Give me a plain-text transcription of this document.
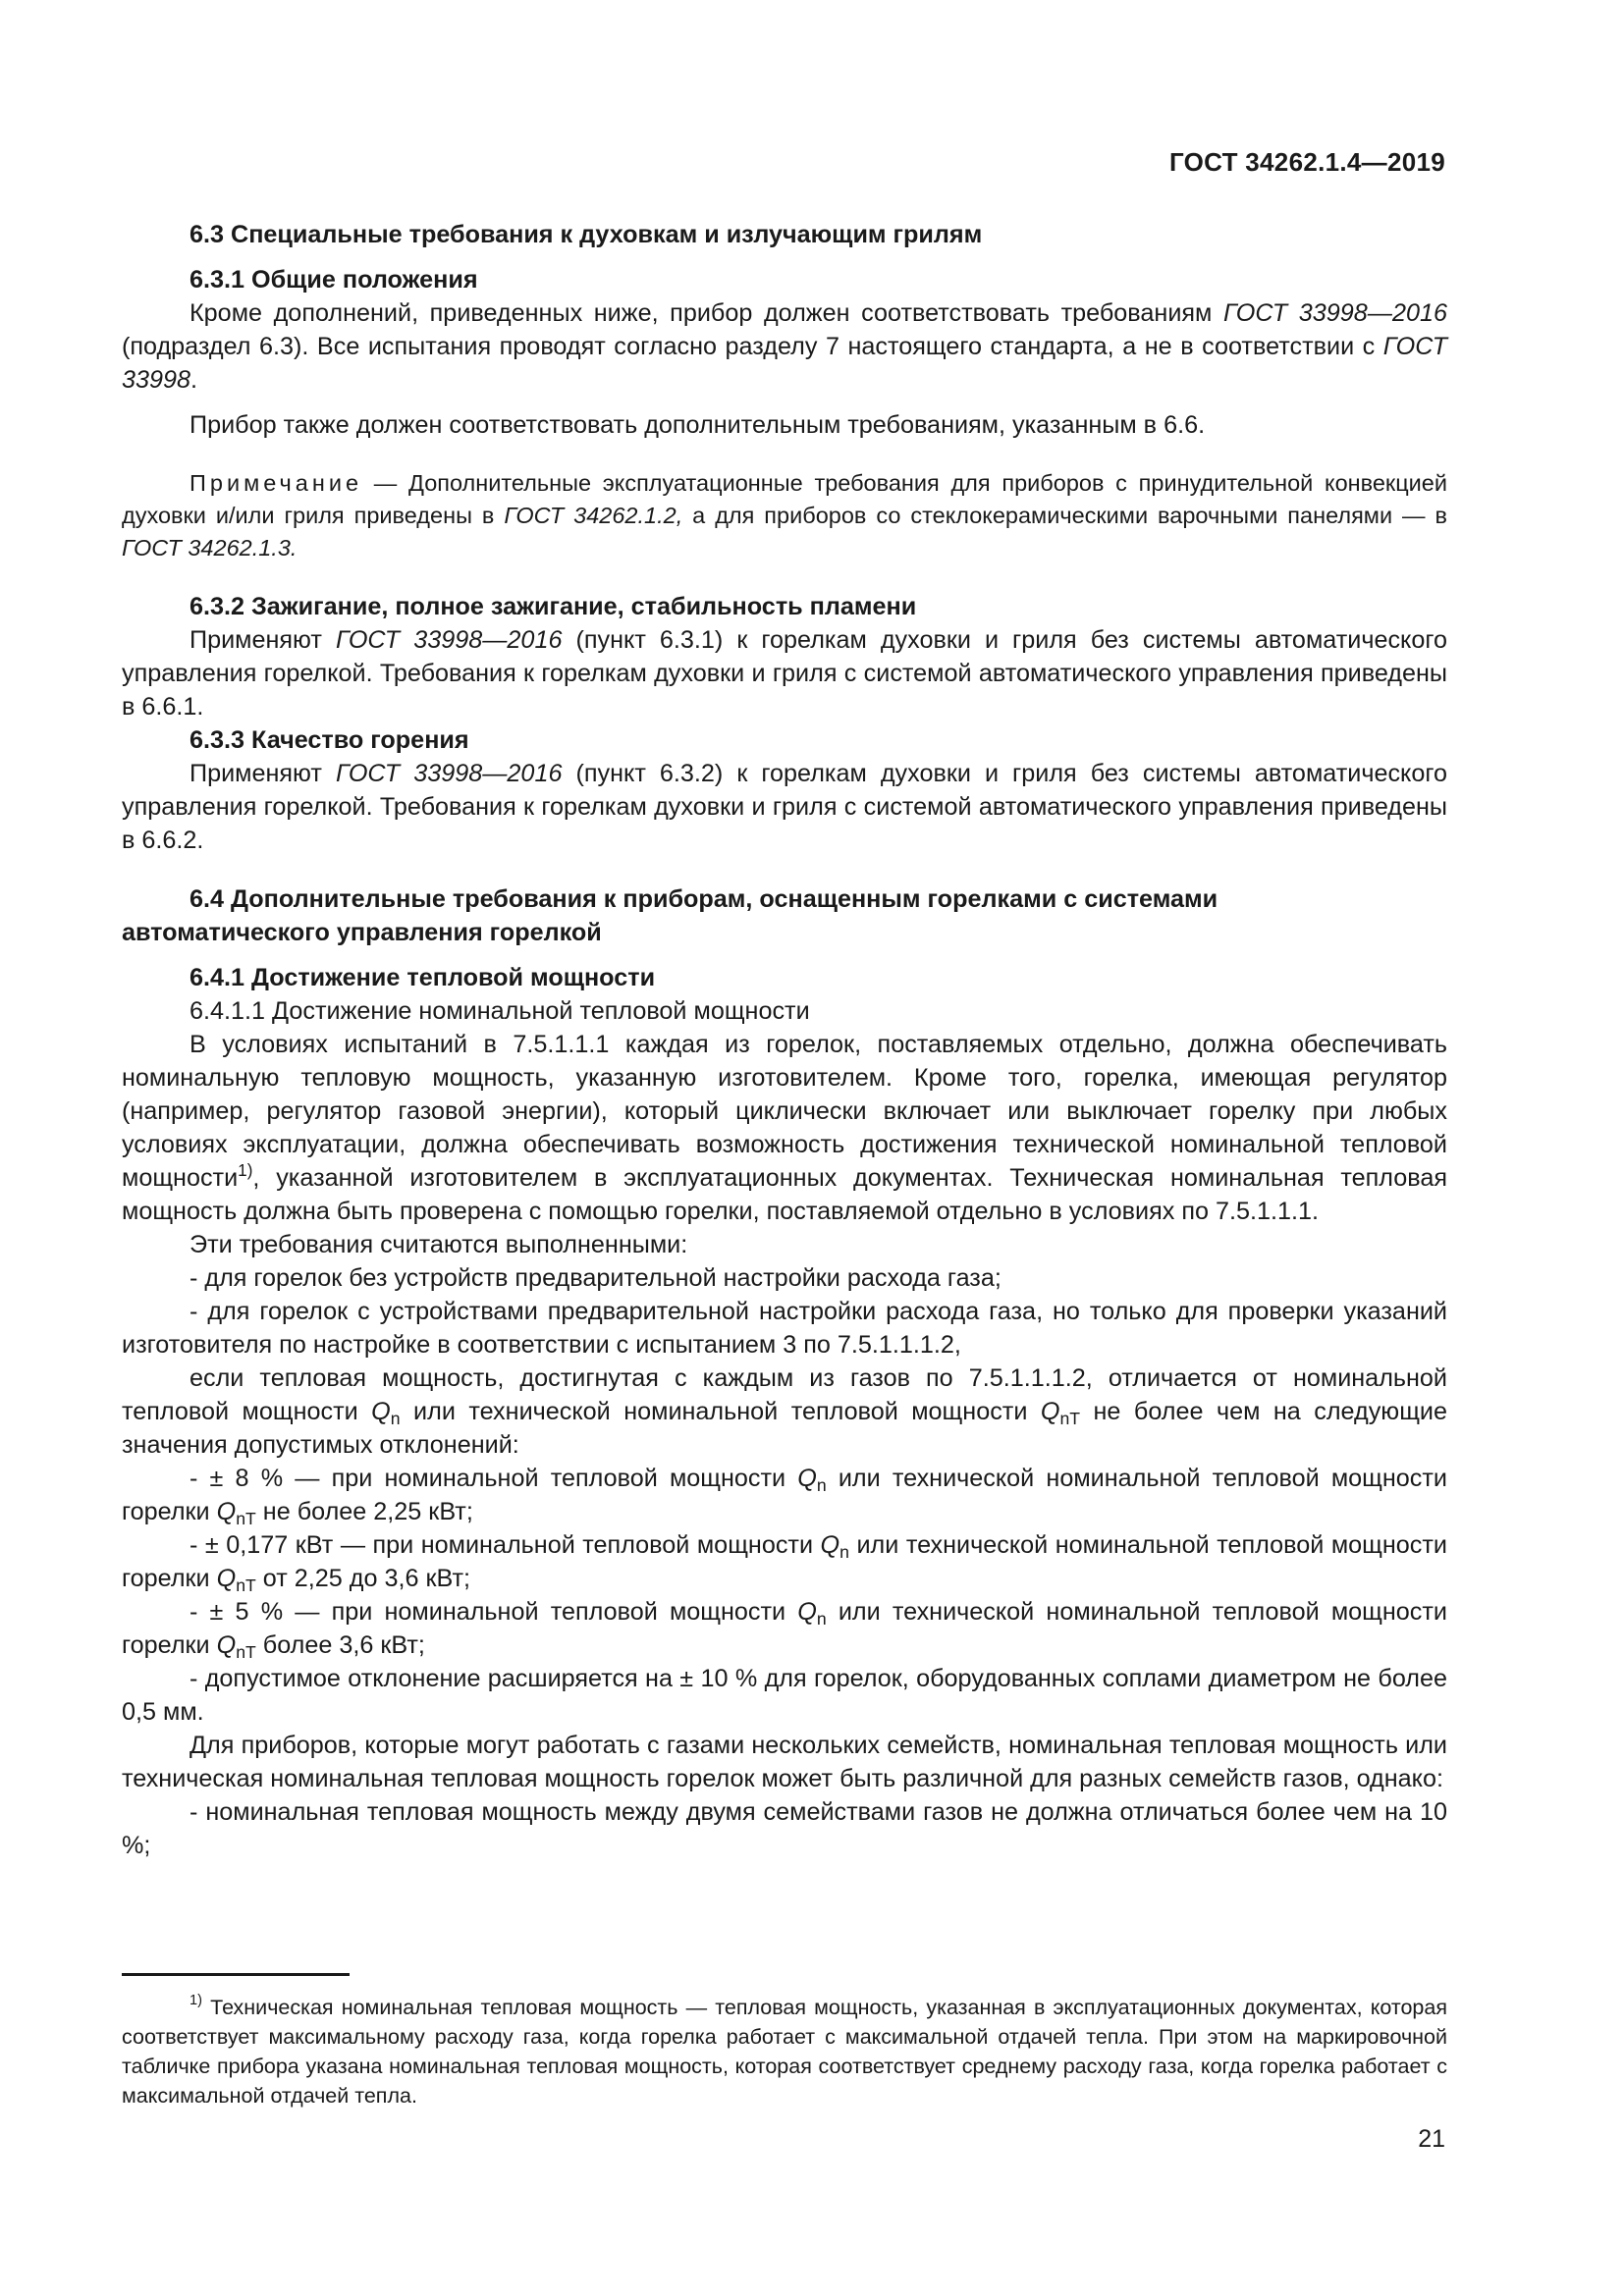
ГОСТ 34262.1.4—2019

6.3 Специальные требования к духовкам и излучающим грилям

6.3.1 Общие положения

Кроме дополнений, приведенных ниже, прибор должен соответствовать требованиям ГОСТ 33998—2016 (подраздел 6.3). Все испытания проводят согласно разделу 7 настоящего стандарта, а не в соответствии с ГОСТ 33998.

Прибор также должен соответствовать дополнительным требованиям, указанным в 6.6.

Примечание — Дополнительные эксплуатационные требования для приборов с принудительной конвекцией духовки и/или гриля приведены в ГОСТ 34262.1.2, а для приборов со стеклокерамическими варочными панелями — в ГОСТ 34262.1.3.

6.3.2 Зажигание, полное зажигание, стабильность пламени

Применяют ГОСТ 33998—2016 (пункт 6.3.1) к горелкам духовки и гриля без системы автоматического управления горелкой. Требования к горелкам духовки и гриля с системой автоматического управления приведены в 6.6.1.

6.3.3 Качество горения

Применяют ГОСТ 33998—2016 (пункт 6.3.2) к горелкам духовки и гриля без системы автоматического управления горелкой. Требования к горелкам духовки и гриля с системой автоматического управления приведены в 6.6.2.

6.4 Дополнительные требования к приборам, оснащенным горелками с системами
автоматического управления горелкой

6.4.1 Достижение тепловой мощности

6.4.1.1 Достижение номинальной тепловой мощности

В условиях испытаний в 7.5.1.1.1 каждая из горелок, поставляемых отдельно, должна обеспечивать номинальную тепловую мощность, указанную изготовителем. Кроме того, горелка, имеющая регулятор (например, регулятор газовой энергии), который циклически включает или выключает горелку при любых условиях эксплуатации, должна обеспечивать возможность достижения технической номинальной тепловой мощности$^{1)}$, указанной изготовителем в эксплуатационных документах. Техническая номинальная тепловая мощность должна быть проверена с помощью горелки, поставляемой отдельно в условиях по 7.5.1.1.1.

Эти требования считаются выполненными:

- для горелок без устройств предварительной настройки расхода газа;

- для горелок с устройствами предварительной настройки расхода газа, но только для проверки указаний изготовителя по настройке в соответствии с испытанием 3 по 7.5.1.1.1.2,

если тепловая мощность, достигнутая с каждым из газов по 7.5.1.1.1.2, отличается от номинальной тепловой мощности $Q_n$ или технической номинальной тепловой мощности $Q_{nT}$ не более чем на следующие значения допустимых отклонений:

- ± 8 % — при номинальной тепловой мощности $Q_n$ или технической номинальной тепловой мощности горелки $Q_{nT}$ не более 2,25 кВт;

- ± 0,177 кВт — при номинальной тепловой мощности $Q_n$ или технической номинальной тепловой мощности горелки $Q_{nT}$ от 2,25 до 3,6 кВт;

- ± 5 % — при номинальной тепловой мощности $Q_n$ или технической номинальной тепловой мощности горелки $Q_{nT}$ более 3,6 кВт;

- допустимое отклонение расширяется на ± 10 % для горелок, оборудованных соплами диаметром не более 0,5 мм.

Для приборов, которые могут работать с газами нескольких семейств, номинальная тепловая мощность или техническая номинальная тепловая мощность горелок может быть различной для разных семейств газов, однако:

- номинальная тепловая мощность между двумя семействами газов не должна отличаться более чем на 10 %;

$^{1)}$ Техническая номинальная тепловая мощность — тепловая мощность, указанная в эксплуатационных документах, которая соответствует максимальному расходу газа, когда горелка работает с максимальной отдачей тепла. При этом на маркировочной табличке прибора указана номинальная тепловая мощность, которая соответствует среднему расходу газа, когда горелка работает с максимальной отдачей тепла.

21
